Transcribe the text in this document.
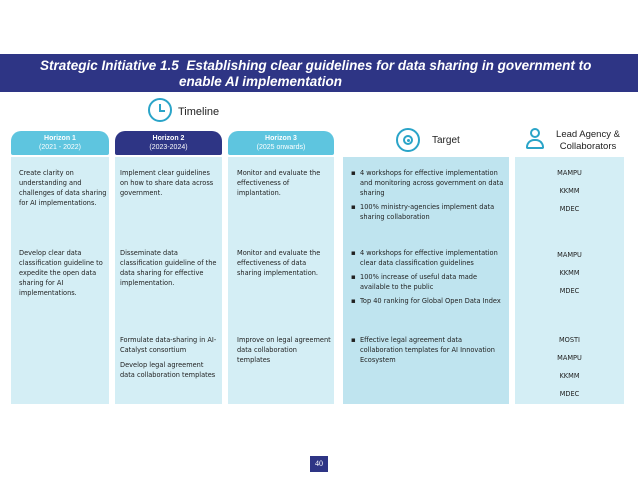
Strategic Initiative 1.5 Establishing clear guidelines for data sharing in government to
enable AI implementation
Timeline
Horizon 1
(2021 - 2022)
Horizon 2
(2023-2024)
Horizon 3
(2025 onwards)
Target
Lead Agency & Collaborators
Create clarity on understanding and challenges of data sharing for AI implementations.
Develop clear data classification guideline to expedite the open data sharing for AI implementations.

Implement clear guidelines on how to share data across government.

Disseminate data classification guideline of the data sharing for effective implementation.

Formulate data-sharing in AI-Catalyst consortium

Develop legal agreement data collaboration templates

Monitor and evaluate the effectiveness of implantation.
Monitor and evaluate the effectiveness of data sharing implementation.
Improve on legal agreement data collaboration templates
▪ 4 workshops for effective implementation and monitoring across government on data sharing
▪ 100% ministry-agencies implement data sharing collaboration
▪ 4 workshops for effective implementation clear data classification guidelines
▪ 100% increase of useful data made available to the public
▪ Top 40 ranking for Global Open Data Index
▪ Effective legal agreement data collaboration templates for AI Innovation Ecosystem
MAMPU
KKMM
MDEC
MAMPU
KKMM
MDEC
MOSTI
MAMPU
KKMM
MDEC
40
